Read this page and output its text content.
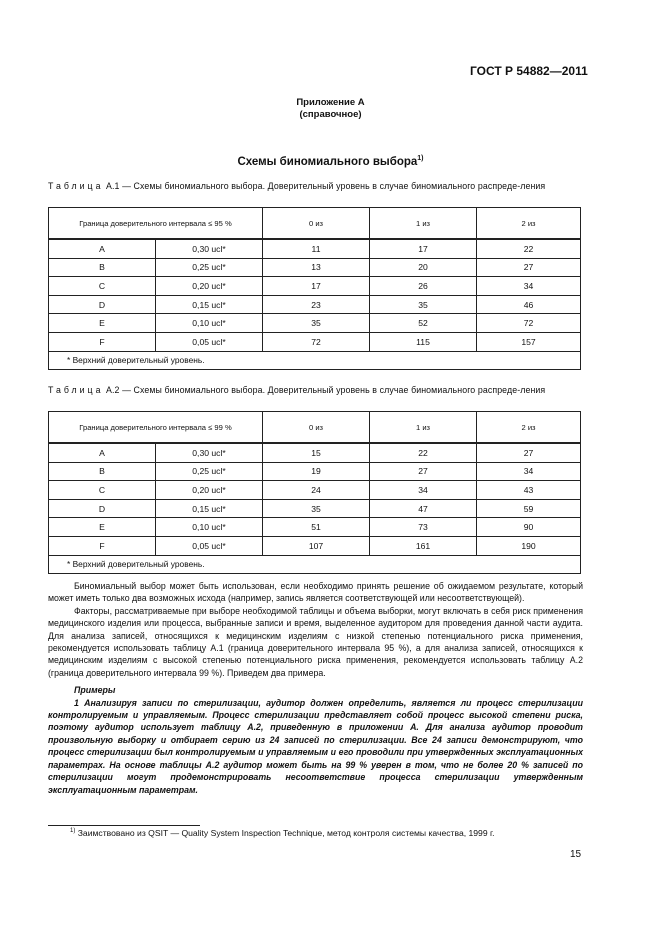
ГОСТ Р 54882—2011
Приложение А
(справочное)
Схемы биномиального выбора$^{1)}$
Таблица А.1 — Схемы биномиального выбора. Доверительный уровень в случае биномиального распреде-ления
Граница доверительного интервала ≤ 95 %		0 из	1 из	2 из
A	0,30 ucl*	11	17	22
B	0,25 ucl*	13	20	27
C	0,20 ucl*	17	26	34
D	0,15 ucl*	23	35	46
E	0,10 ucl*	35	52	72
F	0,05 ucl*	72	115	157
* Верхний доверительный уровень.				
Таблица А.2 — Схемы биномиального выбора. Доверительный уровень в случае биномиального распреде-ления
Граница доверительного интервала ≤ 99 %		0 из	1 из	2 из
A	0,30 ucl*	15	22	27
B	0,25 ucl*	19	27	34
C	0,20 ucl*	24	34	43
D	0,15 ucl*	35	47	59
E	0,10 ucl*	51	73	90
F	0,05 ucl*	107	161	190
* Верхний доверительный уровень.				

Биномиальный выбор может быть использован, если необходимо принять решение об ожидаемом результате, который может иметь только два возможных исхода (например, запись является соответствующей или несоответствующей).

Факторы, рассматриваемые при выборе необходимой таблицы и объема выборки, могут включать в себя риск применения медицинского изделия или процесса, выбранные записи и время, выделенное аудитором для проведения данной части аудита. Для анализа записей, относящихся к медицинским изделиям с низкой степенью потенциального риска применения, рекомендуется использовать таблицу А.1 (граница доверительного интервала 95 %), а для анализа записей, относящихся к медицинским изделиям с высокой степенью потенциального риска применения, рекомендуется использовать таблицу А.2 (граница доверительного интервала 99 %). Приведем два примера.

Примеры

1 Анализируя записи по стерилизации, аудитор должен определить, является ли процесс стерилизации контролируемым и управляемым. Процесс стерилизации представляет собой процесс высокой степени риска, поэтому аудитор использует таблицу А.2, приведенную в приложении А. Для анализа аудитор проводит произвольную выборку и отбирает серию из 24 записей по стерилизации. Все 24 записи демонстрируют, что процесс стерилизации был контролируемым и управляемым и его проводили при утвержденных эксплуатационных параметрах. На основе таблицы А.2 аудитор может быть на 99 % уверен в том, что не более 20 % записей по стерилизации могут продемонстрировать несоответствие процесса стерилизации утвержденным эксплуатационным параметрам.

$^{1)}$ Заимствовано из QSIT — Quality System Inspection Technique, метод контроля системы качества, 1999 г.
15
